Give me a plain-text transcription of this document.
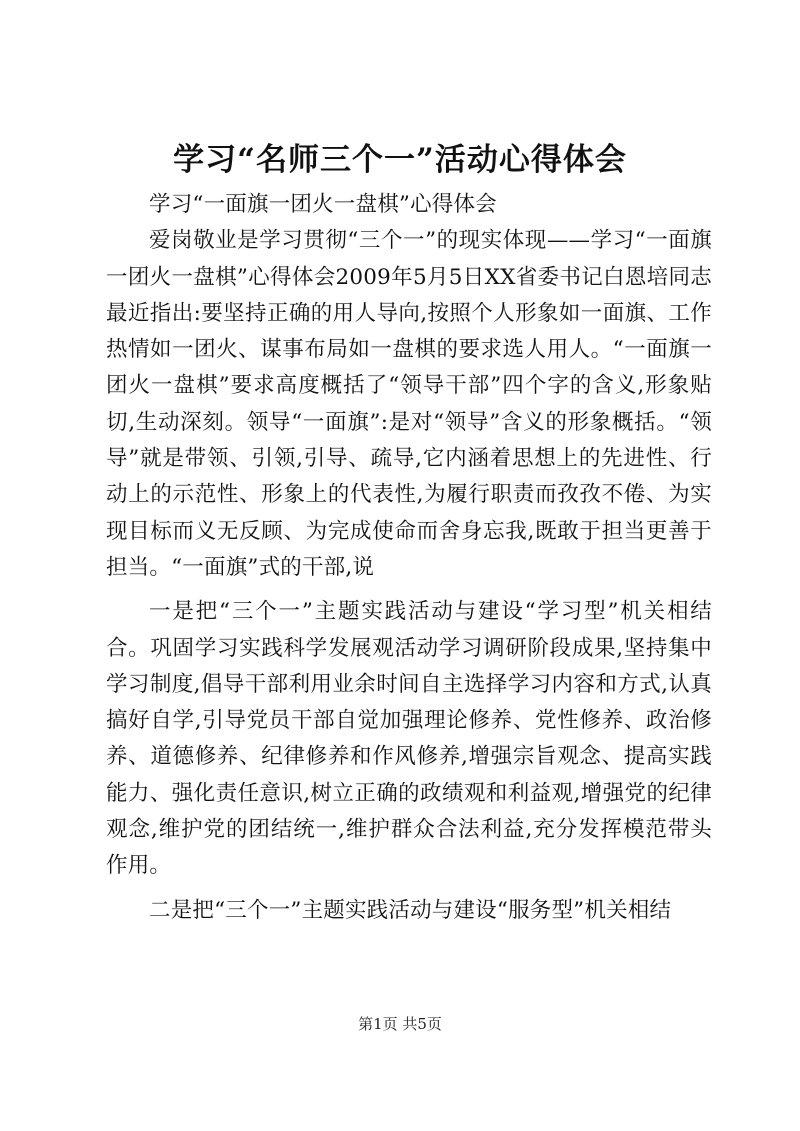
学习“名师三个一”活动心得体会

学习“一面旗一团火一盘棋”心得体会

爱岗敬业是学习贯彻“三个一”的现实体现——学习“一面旗一团火一盘棋”心得体会2009年5月5日XX省委书记白恩培同志最近指出:要坚持正确的用人导向,按照个人形象如一面旗、工作热情如一团火、谋事布局如一盘棋的要求选人用人。“一面旗一团火一盘棋”要求高度概括了“领导干部”四个字的含义,形象贴切,生动深刻。领导“一面旗”:是对“领导”含义的形象概括。“领导”就是带领、引领,引导、疏导,它内涵着思想上的先进性、行动上的示范性、形象上的代表性,为履行职责而孜孜不倦、为实现目标而义无反顾、为完成使命而舍身忘我,既敢于担当更善于担当。“一面旗”式的干部,说

一是把“三个一”主题实践活动与建设“学习型”机关相结合。巩固学习实践科学发展观活动学习调研阶段成果,坚持集中学习制度,倡导干部利用业余时间自主选择学习内容和方式,认真搞好自学,引导党员干部自觉加强理论修养、党性修养、政治修养、道德修养、纪律修养和作风修养,增强宗旨观念、提高实践能力、强化责任意识,树立正确的政绩观和利益观,增强党的纪律观念,维护党的团结统一,维护群众合法利益,充分发挥模范带头作用。

二是把“三个一”主题实践活动与建设“服务型”机关相结

第1页 共5页
